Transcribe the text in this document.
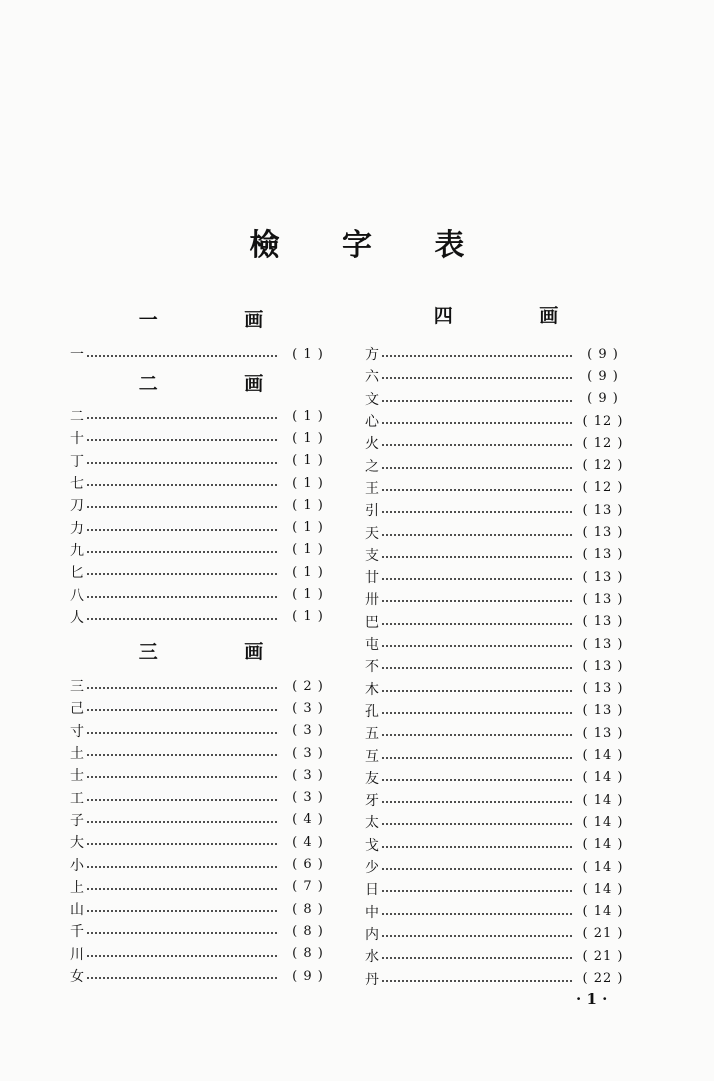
檢 字 表
一 画
一	( 1 )
二 画
二	( 1 )
十	( 1 )
丁	( 1 )
七	( 1 )
刀	( 1 )
力	( 1 )
九	( 1 )
匕	( 1 )
八	( 1 )
人	( 1 )
三 画
三	( 2 )
己	( 3 )
寸	( 3 )
土	( 3 )
士	( 3 )
工	( 3 )
子	( 4 )
大	( 4 )
小	( 6 )
上	( 7 )
山	( 8 )
千	( 8 )
川	( 8 )
女	( 9 )
四 画
方	( 9 )
六	( 9 )
文	( 9 )
心	( 12 )
火	( 12 )
之	( 12 )
王	( 12 )
引	( 13 )
天	( 13 )
支	( 13 )
廿	( 13 )
卅	( 13 )
巴	( 13 )
屯	( 13 )
不	( 13 )
木	( 13 )
孔	( 13 )
五	( 13 )
互	( 14 )
友	( 14 )
牙	( 14 )
太	( 14 )
戈	( 14 )
少	( 14 )
日	( 14 )
中	( 14 )
内	( 21 )
水	( 21 )
丹	( 22 )
· 1 ·
